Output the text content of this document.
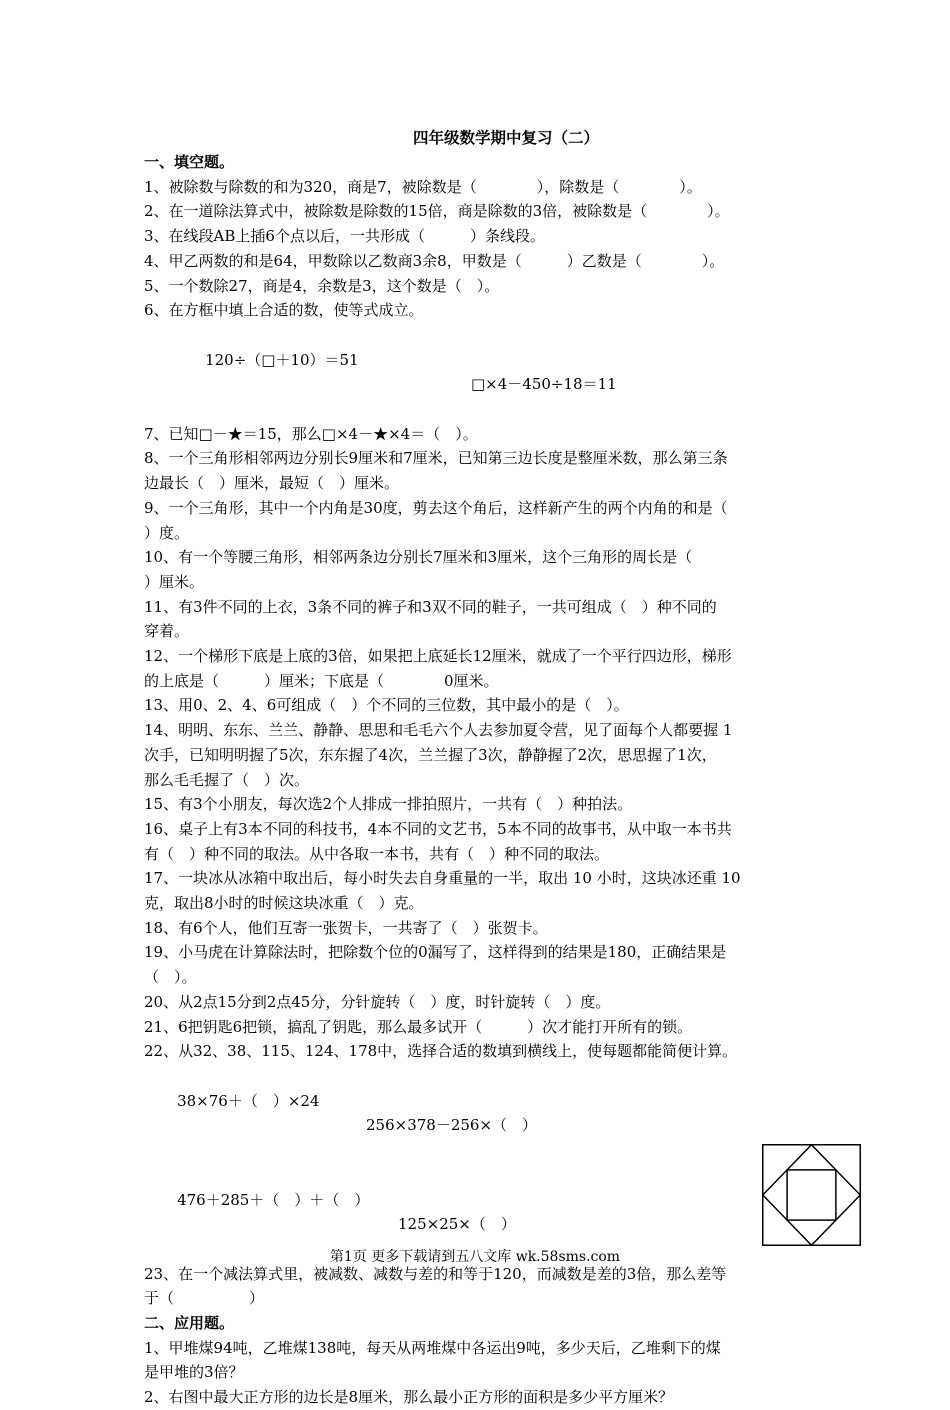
四年级数学期中复习（二）
一、填空题。
1、被除数与除数的和为320，商是7，被除数是（　　　　），除数是（　　　　）。
2、在一道除法算式中，被除数是除数的15倍，商是除数的3倍，被除数是（　　　　）。
3、在线段AB上插6个点以后，一共形成（　　　）条线段。
4、甲乙两数的和是64，甲数除以乙数商3余8，甲数是（　　　）乙数是（　　　　）。
5、一个数除27，商是4，余数是3，这个数是（　）。
6、在方框中填上合适的数，使等式成立。

120÷（□＋10）＝51

□×4－450÷18＝11

7、已知□－★＝15，那么□×4－★×4＝（　）。
8、一个三角形相邻两边分别长9厘米和7厘米，已知第三边长度是整厘米数，那么第三条
边最长（　）厘米，最短（　）厘米。
9、一个三角形，其中一个内角是30度，剪去这个角后，这样新产生的两个内角的和是（
）度。
10、有一个等腰三角形，相邻两条边分别长7厘米和3厘米，这个三角形的周长是（
）厘米。
11、有3件不同的上衣，3条不同的裤子和3双不同的鞋子，一共可组成（　）种不同的
穿着。
12、一个梯形下底是上底的3倍，如果把上底延长12厘米，就成了一个平行四边形，梯形
的上底是（　　　）厘米；下底是（　　　　0厘米。
13、用0、2、4、6可组成（　）个不同的三位数，其中最小的是（　）。
14、明明、东东、兰兰、静静、思思和毛毛六个人去参加夏令营，见了面每个人都要握 1
次手，已知明明握了5次，东东握了4次，兰兰握了3次，静静握了2次，思思握了1次，
那么毛毛握了（　）次。
15、有3个小朋友，每次选2个人排成一排拍照片，一共有（　）种拍法。
16、桌子上有3本不同的科技书，4本不同的文艺书，5本不同的故事书，从中取一本书共
有（　）种不同的取法。从中各取一本书，共有（　）种不同的取法。
17、一块冰从冰箱中取出后，每小时失去自身重量的一半，取出 10 小时，这块冰还重 10
克，取出8小时的时候这块冰重（　）克。
18、有6个人，他们互寄一张贺卡，一共寄了（　）张贺卡。
19、小马虎在计算除法时，把除数个位的0漏写了，这样得到的结果是180，正确结果是
（　）。
20、从2点15分到2点45分，分针旋转（　）度，时针旋转（　）度。
21、6把钥匙6把锁，搞乱了钥匙，那么最多试开（　　　）次才能打开所有的锁。
22、从32、38、115、124、178中，选择合适的数填到横线上，使每题都能简便计算。

38×76＋（　）×24

256×378－256×（　）

476＋285＋（　）＋（　）

125×25×（　）

23、在一个减法算式里，被减数、减数与差的和等于120，而减数是差的3倍，那么差等
于（　　　　　）
二、应用题。
1、甲堆煤94吨，乙堆煤138吨，每天从两堆煤中各运出9吨，多少天后，乙堆剩下的煤
是甲堆的3倍？
2、右图中最大正方形的边长是8厘米，那么最小正方形的面积是多少平方厘米？
第1页 更多下载请到五八文库 wk.58sms.com
